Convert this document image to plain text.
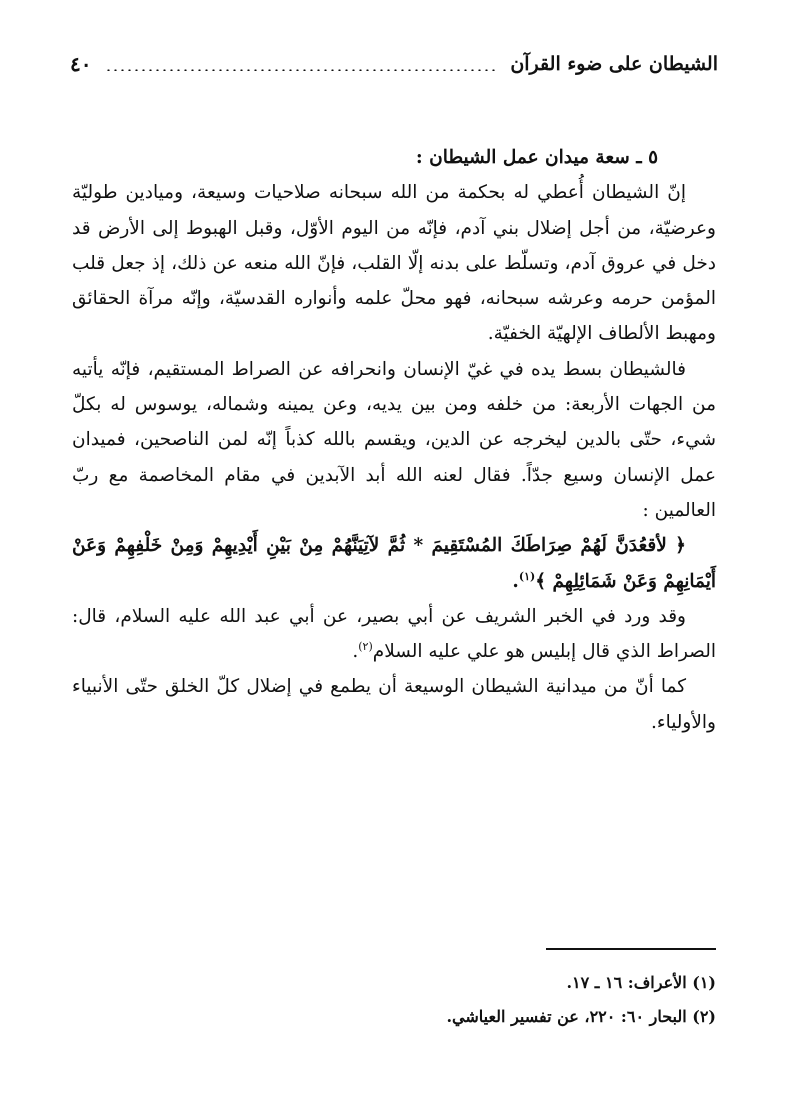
الشيطان على ضوء القرآن
٤٠

٥ ـ سعة ميدان عمل الشيطان :

إنّ الشيطان أُعطي له بحكمة من الله سبحانه صلاحيات وسيعة، وميادين طوليّة وعرضيّة، من أجل إضلال بني آدم، فإنّه من اليوم الأوّل، وقبل الهبوط إلى الأرض قد دخل في عروق آدم، وتسلّط على بدنه إلّا القلب، فإنّ الله منعه عن ذلك، إذ جعل قلب المؤمن حرمه وعرشه سبحانه، فهو محلّ علمه وأنواره القدسيّة، وإنّه مرآة الحقائق ومهبط الألطاف الإلهيّة الخفيّة.

فالشيطان بسط يده في غيّ الإنسان وانحرافه عن الصراط المستقيم، فإنّه يأتيه من الجهات الأربعة: من خلفه ومن بين يديه، وعن يمينه وشماله، يوسوس له بكلّ شيء، حتّى بالدين ليخرجه عن الدين، ويقسم بالله كذباً إنّه لمن الناصحين، فميدان عمل الإنسان وسيع جدّاً. فقال لعنه الله أبد الآبدين في مقام المخاصمة مع ربّ العالمين :

﴿ لأقعُدَنَّ لَهُمْ صِرَاطَكَ المُسْتَقِيمَ * ثُمَّ لآتِيَنَّهُمْ مِنْ بَيْنِ أَيْدِيهِمْ وَمِنْ خَلْفِهِمْ وَعَنْ أَيْمَانِهِمْ وَعَنْ شَمَائِلِهِمْ ﴾$^{(١)}$.

وقد ورد في الخبر الشريف عن أبي بصير، عن أبي عبد الله عليه السلام، قال: الصراط الذي قال إبليس هو علي عليه السلام$^{(٢)}$.

كما أنّ من ميدانية الشيطان الوسيعة أن يطمع في إضلال كلّ الخلق حتّى الأنبياء والأولياء.

(١) الأعراف: ١٦ ـ ١٧.
(٢) البحار ٦٠: ٢٢٠، عن تفسير العياشي.
